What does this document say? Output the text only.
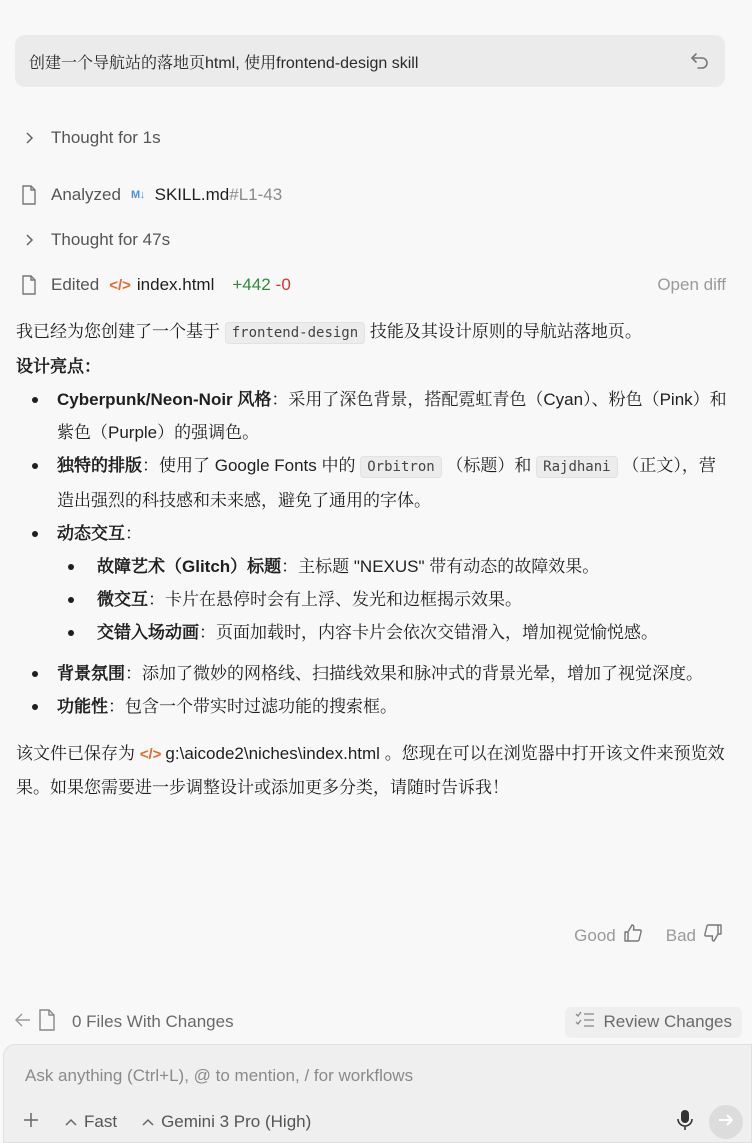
创建一个导航站的落地页html, 使用frontend-design skill
Thought for 1s
Analyzed M↓ SKILL.md #L1-43
Thought for 47s
Edited </> index.html +442 -0	Open diff

我已经为您创建了一个基于 frontend-design 技能及其设计原则的导航站落地页。

设计亮点：

Cyberpunk/Neon-Noir 风格：采用了深色背景，搭配霓虹青色（Cyan）、粉色（Pink）和紫色（Purple）的强调色。
独特的排版：使用了 Google Fonts 中的 Orbitron （标题）和 Rajdhani （正文），营造出强烈的科技感和未来感，避免了通用的字体。
动态交互：
故障艺术（Glitch）标题：主标题 "NEXUS" 带有动态的故障效果。
微交互：卡片在悬停时会有上浮、发光和边框揭示效果。
交错入场动画：页面加载时，内容卡片会依次交错滑入，增加视觉愉悦感。
背景氛围：添加了微妙的网格线、扫描线效果和脉冲式的背景光晕，增加了视觉深度。
功能性：包含一个带实时过滤功能的搜索框。

该文件已保存为 </> g:\aicode2\niches\index.html 。您现在可以在浏览器中打开该文件来预览效果。如果您需要进一步调整设计或添加更多分类，请随时告诉我！

Good	Bad
0 Files With Changes	Review Changes
Ask anything (Ctrl+L), @ to mention, / for workflows
Fast	Gemini 3 Pro (High)
